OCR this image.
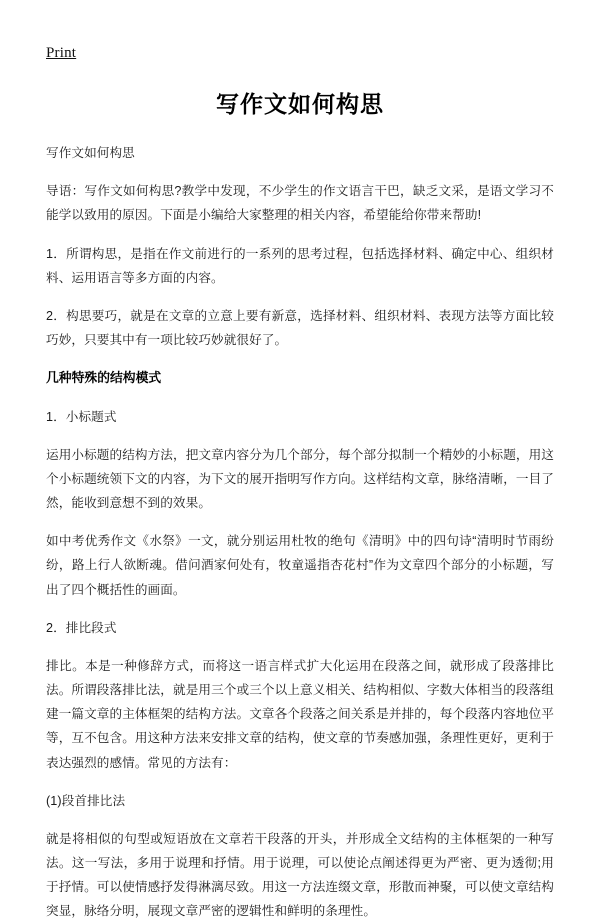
Print
写作文如何构思

写作文如何构思

导语：写作文如何构思?教学中发现，不少学生的作文语言干巴，缺乏文采，是语文学习不能学以致用的原因。下面是小编给大家整理的相关内容，希望能给你带来帮助!

1．所谓构思，是指在作文前进行的一系列的思考过程，包括选择材料、确定中心、组织材料、运用语言等多方面的内容。

2．构思要巧，就是在文章的立意上要有新意，选择材料、组织材料、表现方法等方面比较巧妙，只要其中有一项比较巧妙就很好了。

几种特殊的结构模式

1．小标题式

运用小标题的结构方法，把文章内容分为几个部分，每个部分拟制一个精妙的小标题，用这个小标题统领下文的内容，为下文的展开指明写作方向。这样结构文章，脉络清晰，一目了然，能收到意想不到的效果。

如中考优秀作文《水祭》一文，就分别运用杜牧的绝句《清明》中的四句诗“清明时节雨纷纷，路上行人欲断魂。借问酒家何处有，牧童遥指杏花村”作为文章四个部分的小标题，写出了四个概括性的画面。

2．排比段式

排比。本是一种修辞方式，而将这一语言样式扩大化运用在段落之间，就形成了段落排比法。所谓段落排比法，就是用三个或三个以上意义相关、结构相似、字数大体相当的段落组建一篇文章的主体框架的结构方法。文章各个段落之间关系是并排的，每个段落内容地位平等，互不包含。用这种方法来安排文章的结构，使文章的节奏感加强，条理性更好，更利于表达强烈的感情。常见的方法有：

(1)段首排比法

就是将相似的句型或短语放在文章若干段落的开头，并形成全文结构的主体框架的一种写法。这一写法，多用于说理和抒情。用于说理，可以使论点阐述得更为严密、更为透彻;用于抒情。可以使情感抒发得淋漓尽致。用这一方法连缀文章，形散而神聚，可以使文章结构突显，脉络分明，展现文章严密的逻辑性和鲜明的条理性。
